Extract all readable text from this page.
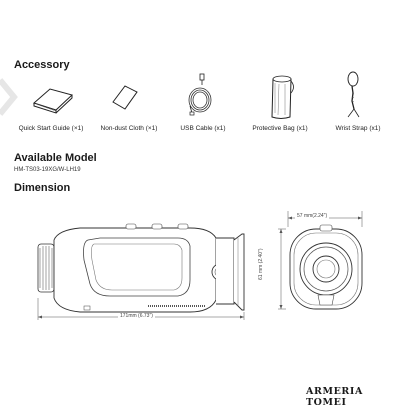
Accessory
Quick Start Guide (×1)	Non-dust Cloth (×1)	USB Cable (x1)	Protective Bag (x1)	Wrist Strap (x1)
Available Model
HM-TS03-19XG/W-LH19
Dimension
171mm (6.73")
57 mm(2.24")
61 mm (2.40")
ARMERIA TOMEI
